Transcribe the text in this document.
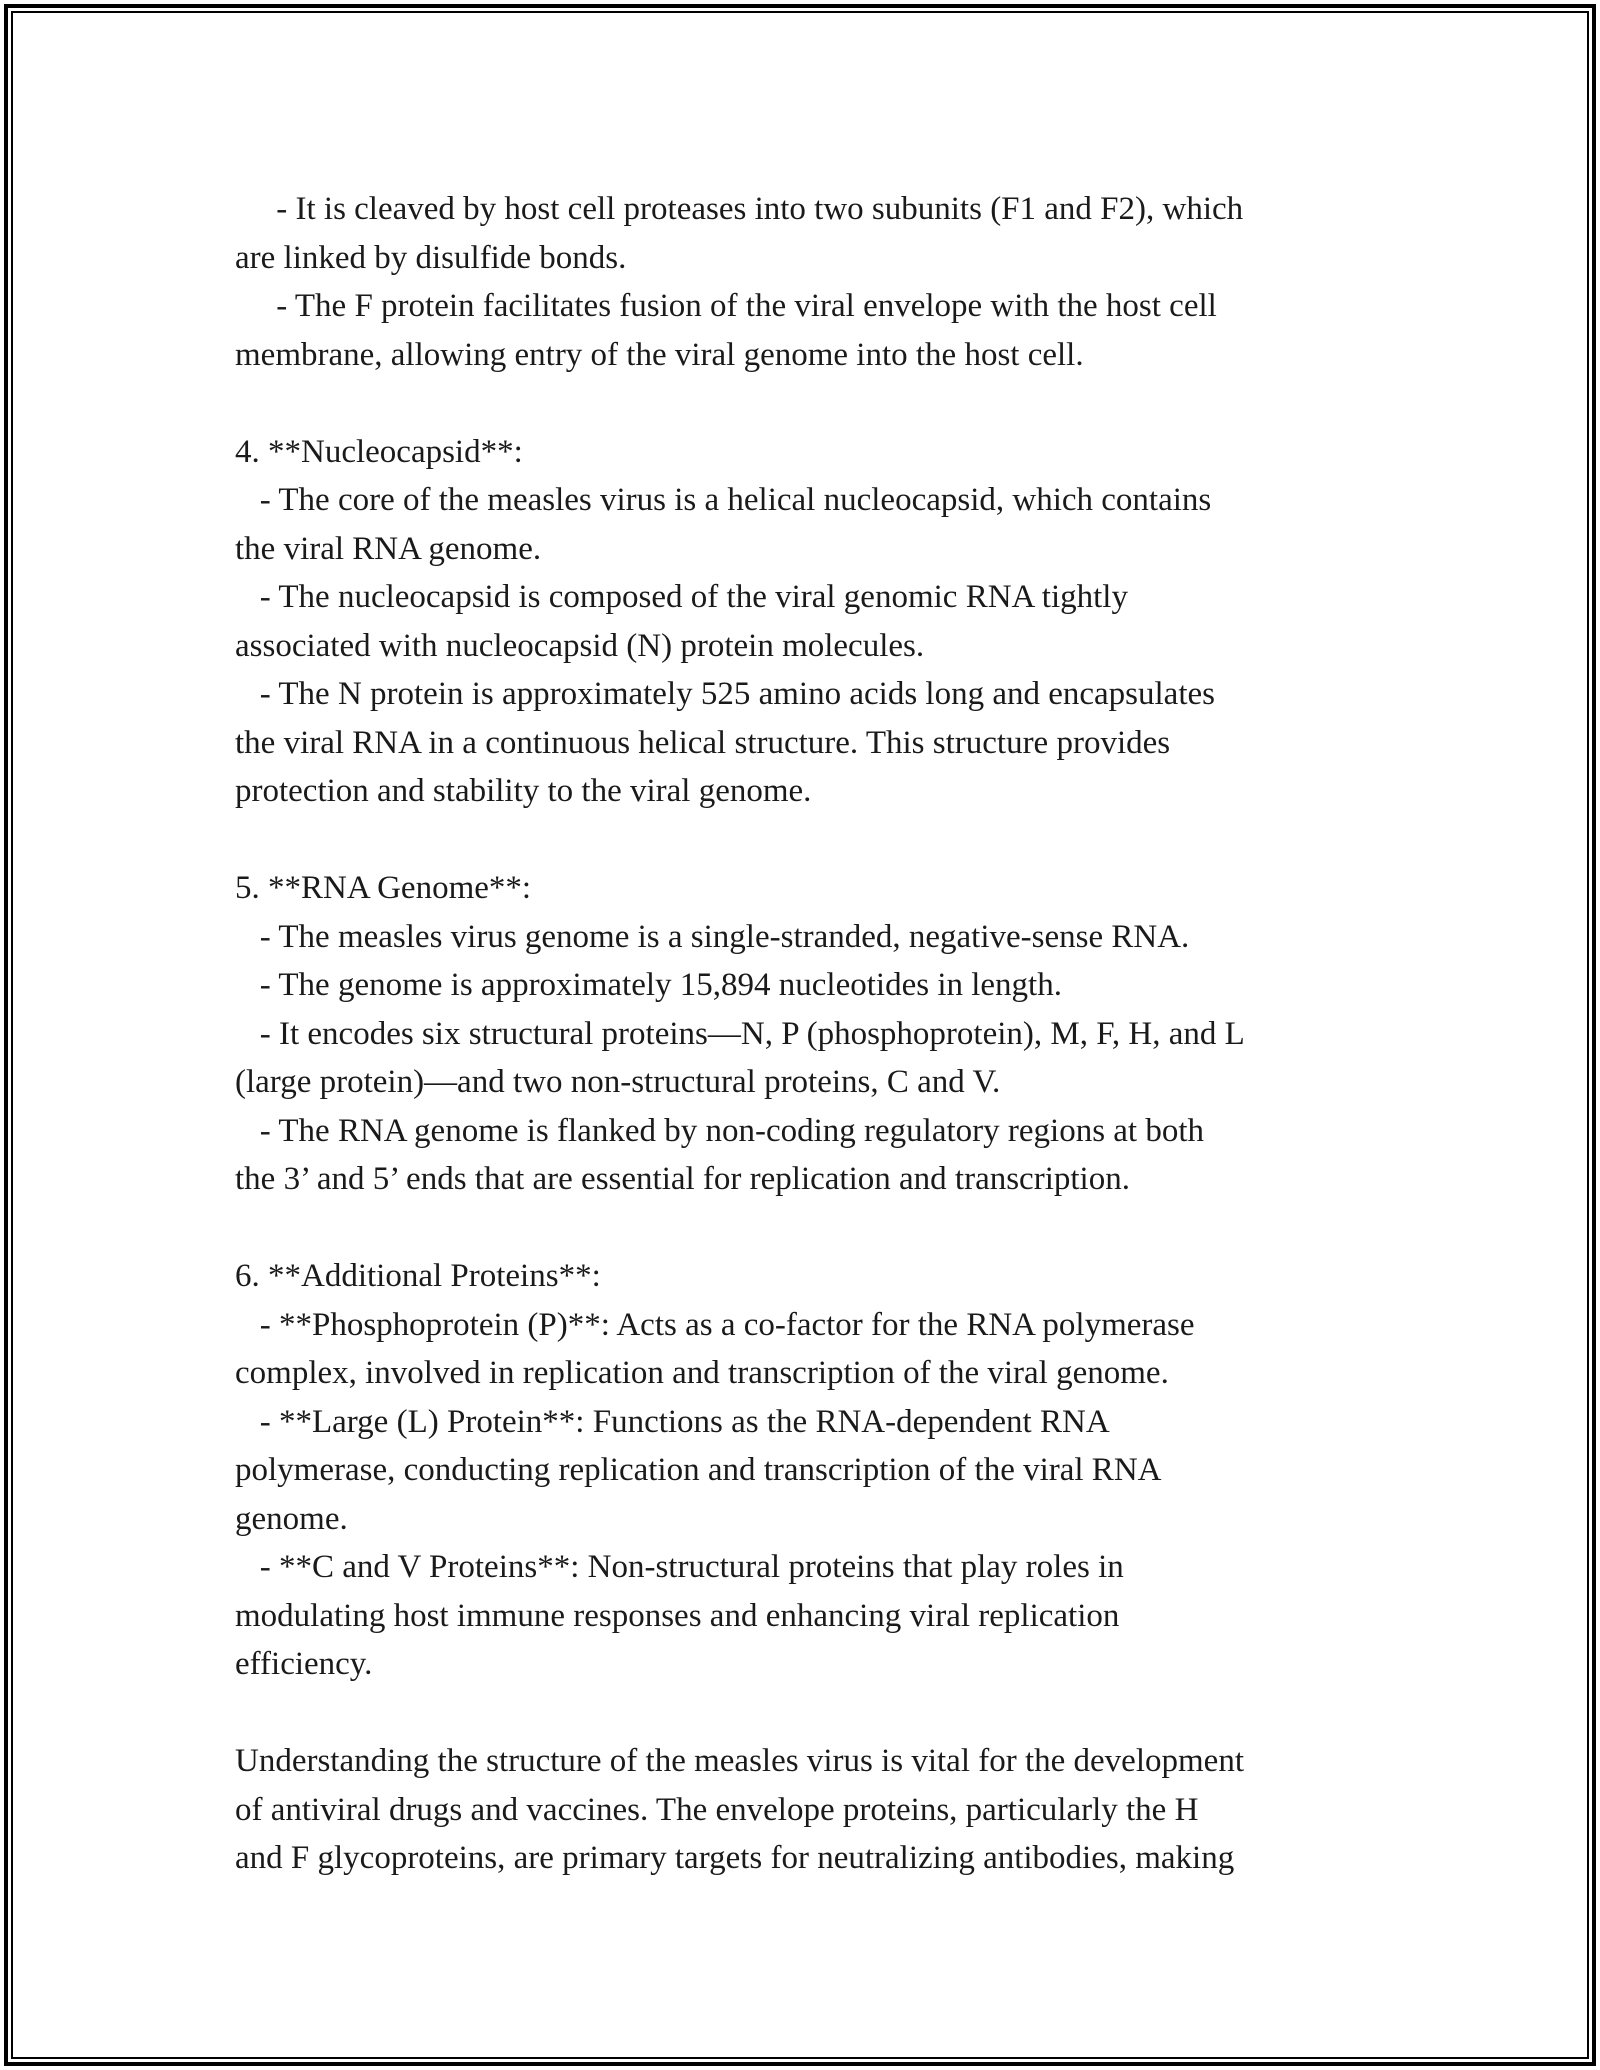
- It is cleaved by host cell proteases into two subunits (F1 and F2), which
are linked by disulfide bonds.
- The F protein facilitates fusion of the viral envelope with the host cell
membrane, allowing entry of the viral genome into the host cell.
4. **Nucleocapsid**:
- The core of the measles virus is a helical nucleocapsid, which contains
the viral RNA genome.
- The nucleocapsid is composed of the viral genomic RNA tightly
associated with nucleocapsid (N) protein molecules.
- The N protein is approximately 525 amino acids long and encapsulates
the viral RNA in a continuous helical structure. This structure provides
protection and stability to the viral genome.
5. **RNA Genome**:
- The measles virus genome is a single-stranded, negative-sense RNA.
- The genome is approximately 15,894 nucleotides in length.
- It encodes six structural proteins—N, P (phosphoprotein), M, F, H, and L
(large protein)—and two non-structural proteins, C and V.
- The RNA genome is flanked by non-coding regulatory regions at both
the 3’ and 5’ ends that are essential for replication and transcription.
6. **Additional Proteins**:
- **Phosphoprotein (P)**: Acts as a co-factor for the RNA polymerase
complex, involved in replication and transcription of the viral genome.
- **Large (L) Protein**: Functions as the RNA-dependent RNA
polymerase, conducting replication and transcription of the viral RNA
genome.
- **C and V Proteins**: Non-structural proteins that play roles in
modulating host immune responses and enhancing viral replication
efficiency.
Understanding the structure of the measles virus is vital for the development
of antiviral drugs and vaccines. The envelope proteins, particularly the H
and F glycoproteins, are primary targets for neutralizing antibodies, making
